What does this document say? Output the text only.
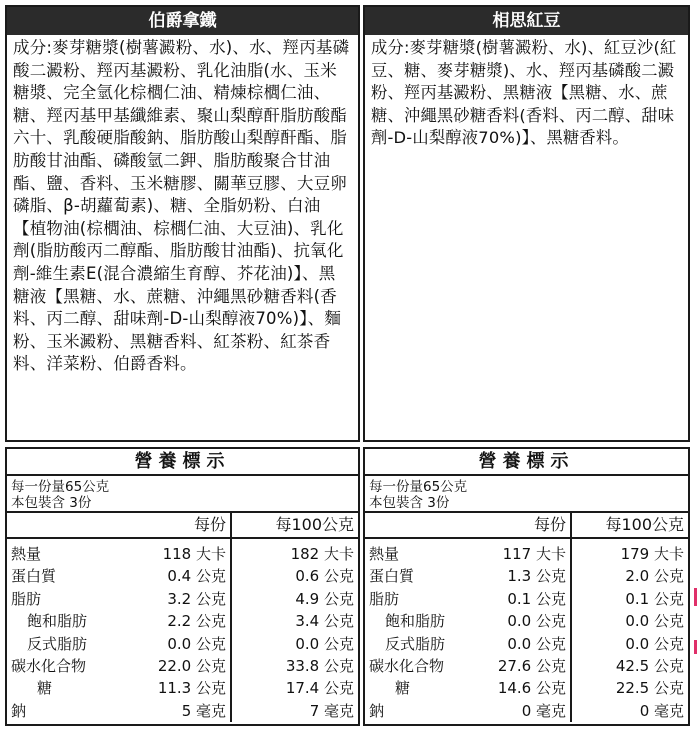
伯爵拿鐵
成分:麥芽糖漿(樹薯澱粉、水)、水、羥丙基磷酸二澱粉、羥丙基澱粉、乳化油脂(水、玉米糖漿、完全氫化棕櫚仁油、精煉棕櫚仁油、糖、羥丙基甲基纖維素、聚山梨醇酐脂肪酸酯六十、乳酸硬脂酸鈉、脂肪酸山梨醇酐酯、脂肪酸甘油酯、磷酸氫二鉀、脂肪酸聚合甘油酯、鹽、香料、玉米糖膠、關華豆膠、大豆卵磷脂、β-胡蘿蔔素)、糖、全脂奶粉、白油【植物油(棕櫚油、棕櫚仁油、大豆油)、乳化劑(脂肪酸丙二醇酯、脂肪酸甘油酯)、抗氧化劑-維生素E(混合濃縮生育醇、芥花油)】、黑糖液【黑糖、水、蔗糖、沖繩黑砂糖香料(香料、丙二醇、甜味劑-D-山梨醇液70%)】、麵粉、玉米澱粉、黑糖香料、紅茶粉、紅茶香料、洋菜粉、伯爵香料。
相思紅豆
成分:麥芽糖漿(樹薯澱粉、水)、紅豆沙(紅豆、糖、麥芽糖漿)、水、羥丙基磷酸二澱粉、羥丙基澱粉、黑糖液【黑糖、水、蔗糖、沖繩黑砂糖香料(香料、丙二醇、甜味劑-D-山梨醇液70%)】、黑糖香料。
營養標示
每一份量65公克
本包裝含 3份
	每份	每100公克

熱量	118 大卡	182 大卡
蛋白質	0.4 公克	0.6 公克
脂肪	3.2 公克	4.9 公克
飽和脂肪	2.2 公克	3.4 公克
反式脂肪	0.0 公克	0.0 公克
碳水化合物	22.0 公克	33.8 公克
糖	11.3 公克	17.4 公克
鈉	5 毫克	7 毫克
營養標示
每一份量65公克
本包裝含 3份
	每份	每100公克

熱量	117 大卡	179 大卡
蛋白質	1.3 公克	2.0 公克
脂肪	0.1 公克	0.1 公克
飽和脂肪	0.0 公克	0.0 公克
反式脂肪	0.0 公克	0.0 公克
碳水化合物	27.6 公克	42.5 公克
糖	14.6 公克	22.5 公克
鈉	0 毫克	0 毫克
